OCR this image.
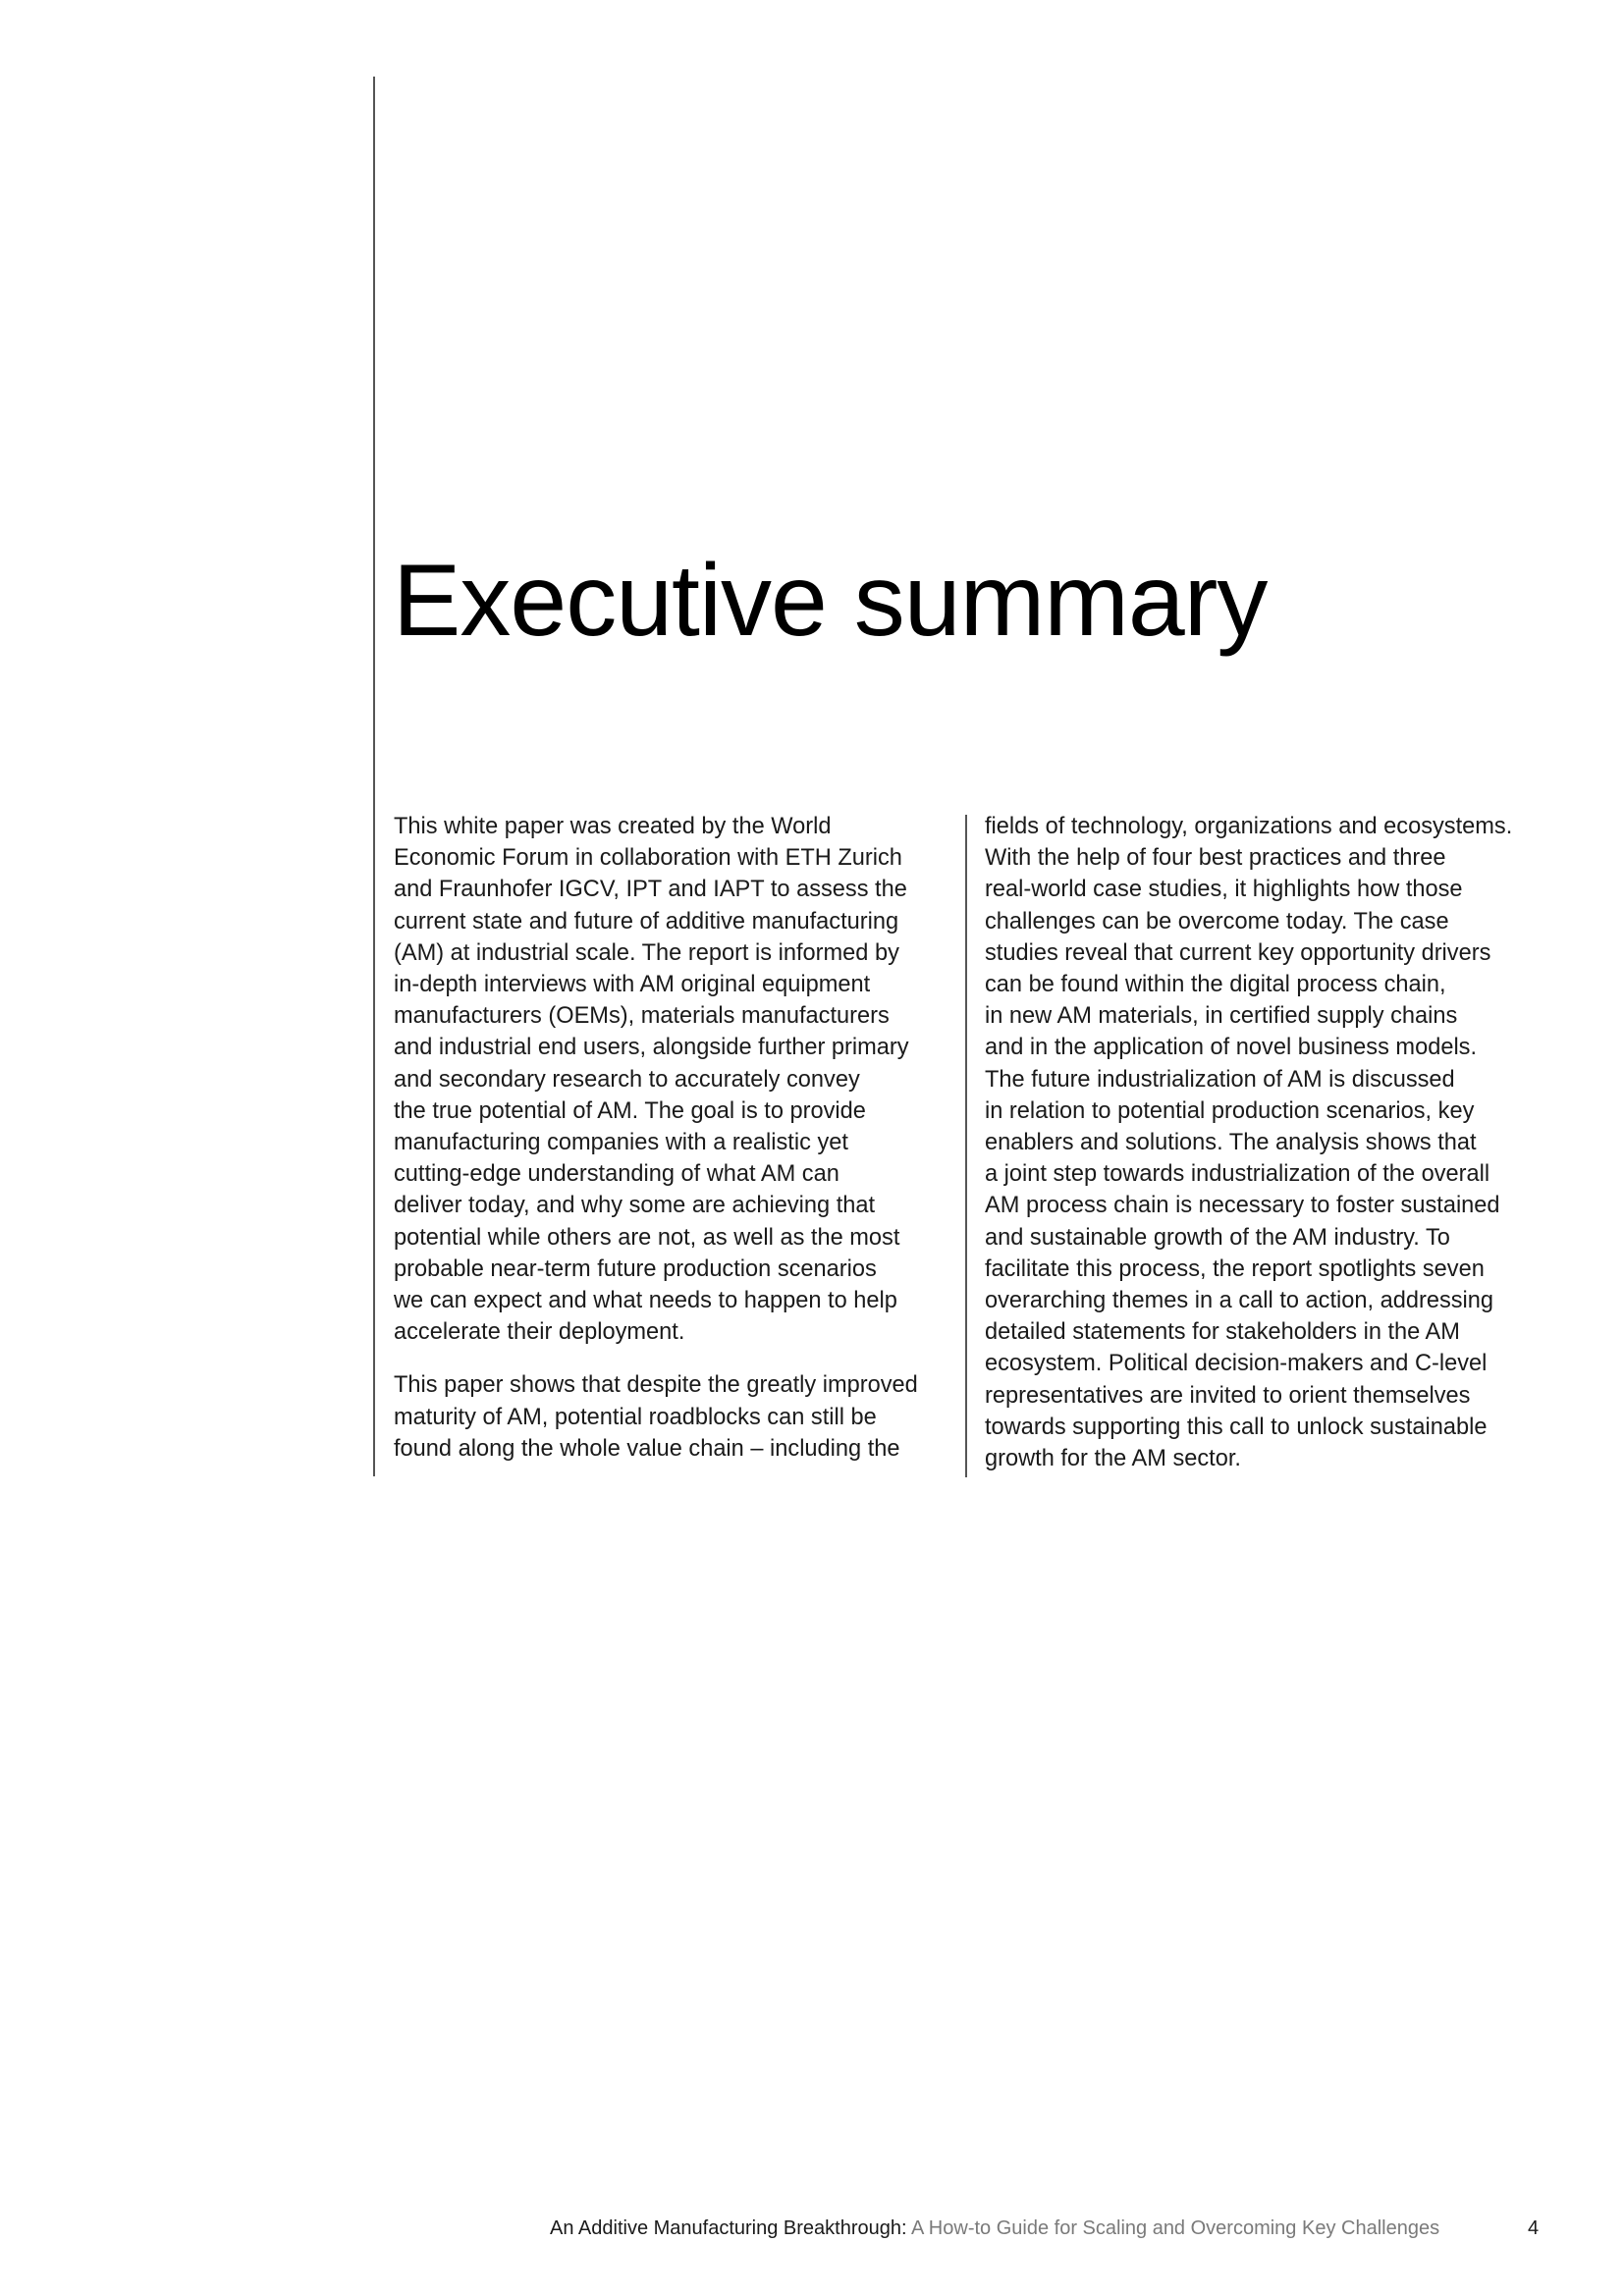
Executive summary

This white paper was created by the World
Economic Forum in collaboration with ETH Zurich
and Fraunhofer IGCV, IPT and IAPT to assess the
current state and future of additive manufacturing
(AM) at industrial scale. The report is informed by
in-depth interviews with AM original equipment
manufacturers (OEMs), materials manufacturers
and industrial end users, alongside further primary
and secondary research to accurately convey
the true potential of AM. The goal is to provide
manufacturing companies with a realistic yet
cutting-edge understanding of what AM can
deliver today, and why some are achieving that
potential while others are not, as well as the most
probable near-term future production scenarios
we can expect and what needs to happen to help
accelerate their deployment.

This paper shows that despite the greatly improved
maturity of AM, potential roadblocks can still be
found along the whole value chain – including the

fields of technology, organizations and ecosystems.
With the help of four best practices and three
real-world case studies, it highlights how those
challenges can be overcome today. The case
studies reveal that current key opportunity drivers
can be found within the digital process chain,
in new AM materials, in certified supply chains
and in the application of novel business models.
The future industrialization of AM is discussed
in relation to potential production scenarios, key
enablers and solutions. The analysis shows that
a joint step towards industrialization of the overall
AM process chain is necessary to foster sustained
and sustainable growth of the AM industry. To
facilitate this process, the report spotlights seven
overarching themes in a call to action, addressing
detailed statements for stakeholders in the AM
ecosystem. Political decision-makers and C-level
representatives are invited to orient themselves
towards supporting this call to unlock sustainable
growth for the AM sector.

An Additive Manufacturing Breakthrough: A How-to Guide for Scaling and Overcoming Key Challenges	4
